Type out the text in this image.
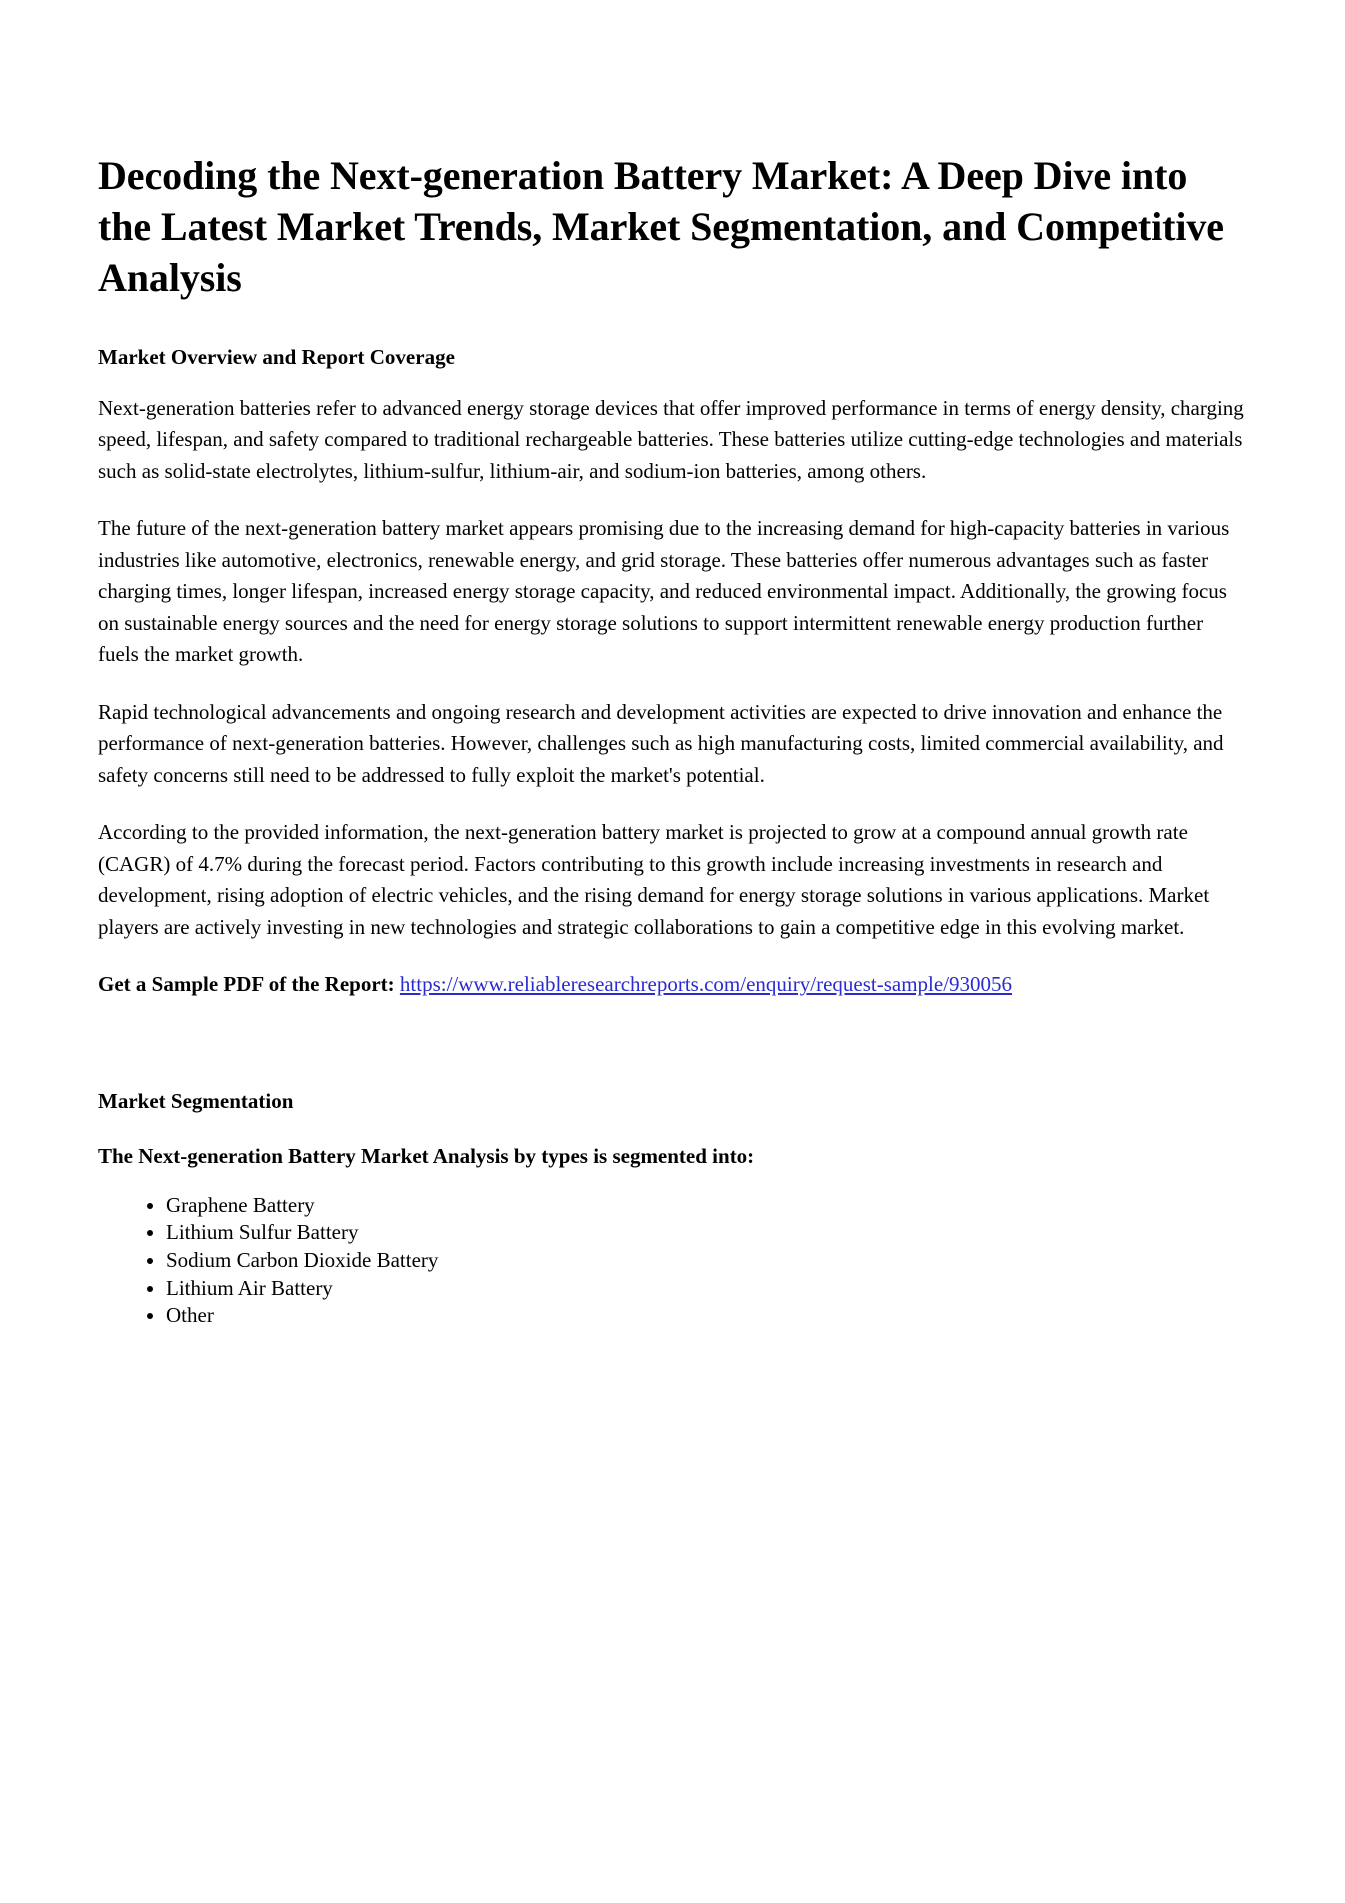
Decoding the Next-generation Battery Market: A Deep Dive into the Latest Market Trends, Market Segmentation, and Competitive Analysis
Market Overview and Report Coverage

Next-generation batteries refer to advanced energy storage devices that offer improved performance in terms of energy density, charging speed, lifespan, and safety compared to traditional rechargeable batteries. These batteries utilize cutting-edge technologies and materials such as solid-state electrolytes, lithium-sulfur, lithium-air, and sodium-ion batteries, among others.

The future of the next-generation battery market appears promising due to the increasing demand for high-capacity batteries in various industries like automotive, electronics, renewable energy, and grid storage. These batteries offer numerous advantages such as faster charging times, longer lifespan, increased energy storage capacity, and reduced environmental impact. Additionally, the growing focus on sustainable energy sources and the need for energy storage solutions to support intermittent renewable energy production further fuels the market growth.

Rapid technological advancements and ongoing research and development activities are expected to drive innovation and enhance the performance of next-generation batteries. However, challenges such as high manufacturing costs, limited commercial availability, and safety concerns still need to be addressed to fully exploit the market's potential.

According to the provided information, the next-generation battery market is projected to grow at a compound annual growth rate (CAGR) of 4.7% during the forecast period. Factors contributing to this growth include increasing investments in research and development, rising adoption of electric vehicles, and the rising demand for energy storage solutions in various applications. Market players are actively investing in new technologies and strategic collaborations to gain a competitive edge in this evolving market.

Get a Sample PDF of the Report: https://www.reliableresearchreports.com/enquiry/request-sample/930056

Market Segmentation
The Next-generation Battery Market Analysis by types is segmented into:
• Graphene Battery
• Lithium Sulfur Battery
• Sodium Carbon Dioxide Battery
• Lithium Air Battery
• Other
